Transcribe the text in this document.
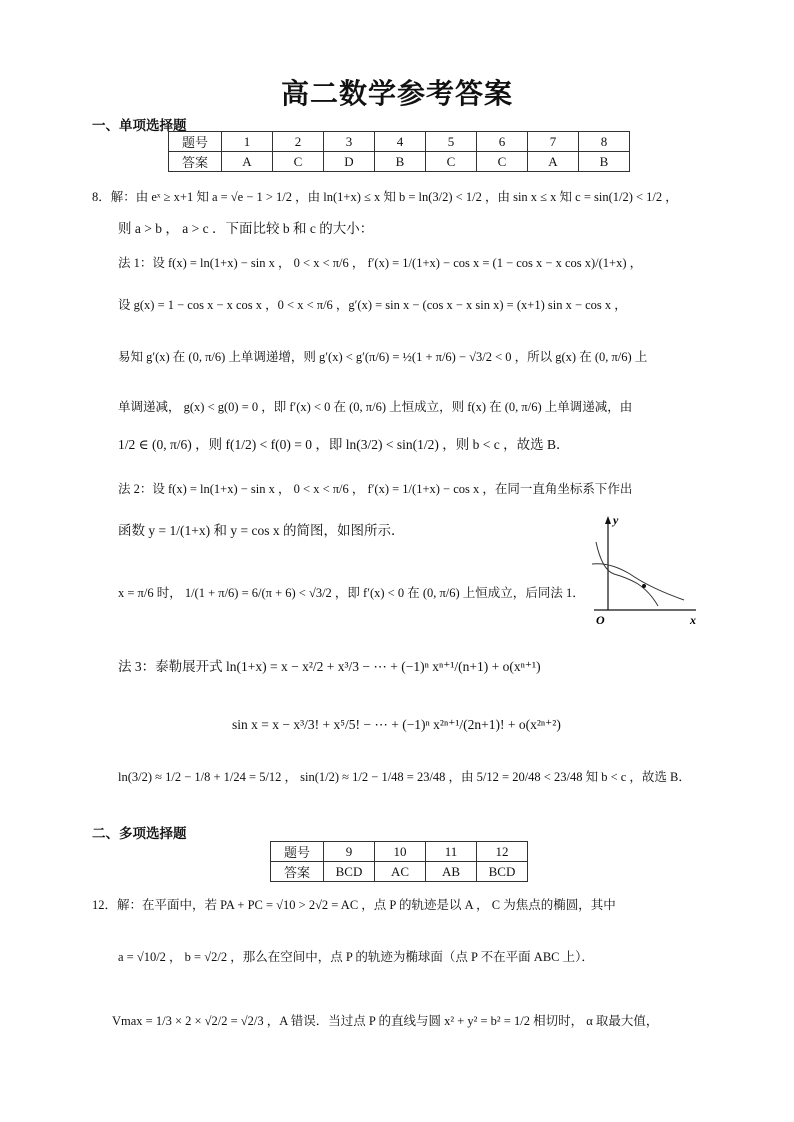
高二数学参考答案
一、单项选择题
题号	1	2	3	4	5	6	7	8
答案	A	C	D	B	C	C	A	B
8．解：由 eˣ ≥ x+1 知 a = √e − 1 > 1/2 ，由 ln(1+x) ≤ x 知 b = ln(3/2) < 1/2 ，由 sin x ≤ x 知 c = sin(1/2) < 1/2 ，
则 a > b ， a > c ．下面比较 b 和 c 的大小：
法 1：设 f(x) = ln(1+x) − sin x ， 0 < x < π/6 ， f′(x) = 1/(1+x) − cos x = (1 − cos x − x cos x)/(1+x) ，
设 g(x) = 1 − cos x − x cos x ，0 < x < π/6 ，g′(x) = sin x − (cos x − x sin x) = (x+1) sin x − cos x ，
易知 g′(x) 在 (0, π/6) 上单调递增，则 g′(x) < g′(π/6) = ½(1 + π/6) − √3/2 < 0 ，所以 g(x) 在 (0, π/6) 上
单调递减， g(x) < g(0) = 0 ，即 f′(x) < 0 在 (0, π/6) 上恒成立，则 f(x) 在 (0, π/6) 上单调递减，由
1/2 ∈ (0, π/6) ，则 f(1/2) < f(0) = 0 ，即 ln(3/2) < sin(1/2) ，则 b < c ，故选 B．
法 2：设 f(x) = ln(1+x) − sin x ， 0 < x < π/6 ， f′(x) = 1/(1+x) − cos x ，在同一直角坐标系下作出
函数 y = 1/(1+x) 和 y = cos x 的简图，如图所示．
x = π/6 时， 1/(1 + π/6) = 6/(π + 6) < √3/2 ，即 f′(x) < 0 在 (0, π/6) 上恒成立，后同法 1．
y
x
O
法 3：泰勒展开式 ln(1+x) = x − x²/2 + x³/3 − ⋯ + (−1)ⁿ xⁿ⁺¹/(n+1) + o(xⁿ⁺¹)
sin x = x − x³/3! + x⁵/5! − ⋯ + (−1)ⁿ x²ⁿ⁺¹/(2n+1)! + o(x²ⁿ⁺²)
ln(3/2) ≈ 1/2 − 1/8 + 1/24 = 5/12 ， sin(1/2) ≈ 1/2 − 1/48 = 23/48 ，由 5/12 = 20/48 < 23/48 知 b < c ，故选 B．
二、多项选择题
题号	9	10	11	12
答案	BCD	AC	AB	BCD
12．解：在平面中，若 PA + PC = √10 > 2√2 = AC ，点 P 的轨迹是以 A ， C 为焦点的椭圆，其中
a = √10/2 ， b = √2/2 ，那么在空间中，点 P 的轨迹为椭球面（点 P 不在平面 ABC 上）．
Vmax = 1/3 × 2 × √2/2 = √2/3 ，A 错误．当过点 P 的直线与圆 x² + y² = b² = 1/2 相切时， α 取最大值，
